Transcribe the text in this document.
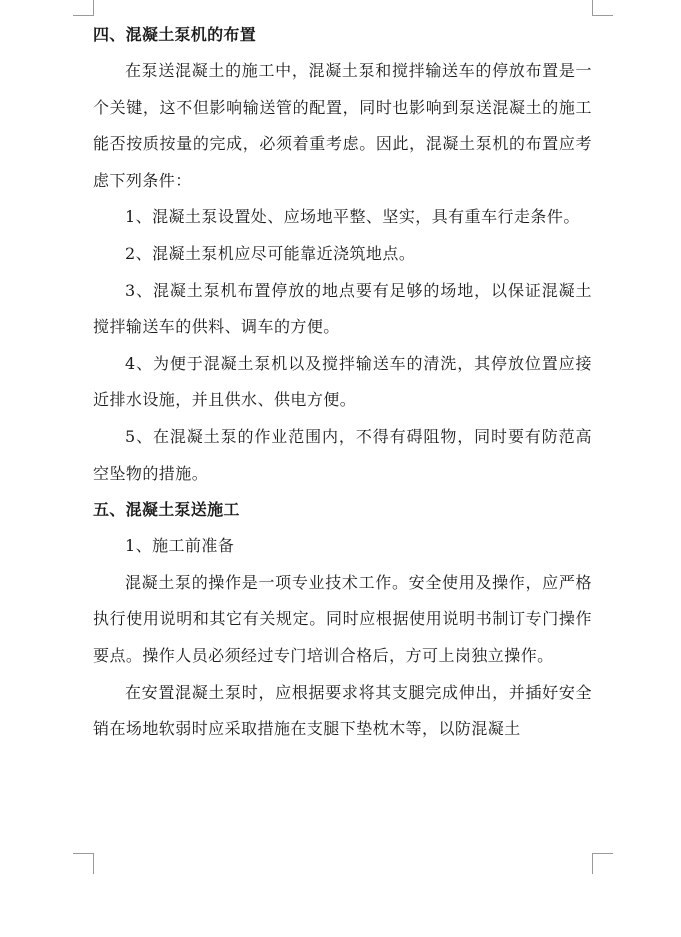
四、混凝土泵机的布置

在泵送混凝土的施工中，混凝土泵和搅拌输送车的停放布置是一个关键，这不但影响输送管的配置，同时也影响到泵送混凝土的施工能否按质按量的完成，必须着重考虑。因此，混凝土泵机的布置应考虑下列条件：

1、混凝土泵设置处、应场地平整、坚实，具有重车行走条件。

2、混凝土泵机应尽可能靠近浇筑地点。

3、混凝土泵机布置停放的地点要有足够的场地，以保证混凝土搅拌输送车的供料、调车的方便。

4、为便于混凝土泵机以及搅拌输送车的清洗，其停放位置应接近排水设施，并且供水、供电方便。

5、在混凝土泵的作业范围内，不得有碍阻物，同时要有防范高空坠物的措施。

五、混凝土泵送施工

1、施工前准备

混凝土泵的操作是一项专业技术工作。安全使用及操作，应严格执行使用说明和其它有关规定。同时应根据使用说明书制订专门操作要点。操作人员必须经过专门培训合格后，方可上岗独立操作。

在安置混凝土泵时，应根据要求将其支腿完成伸出，并插好安全销在场地软弱时应采取措施在支腿下垫枕木等，以防混凝土
